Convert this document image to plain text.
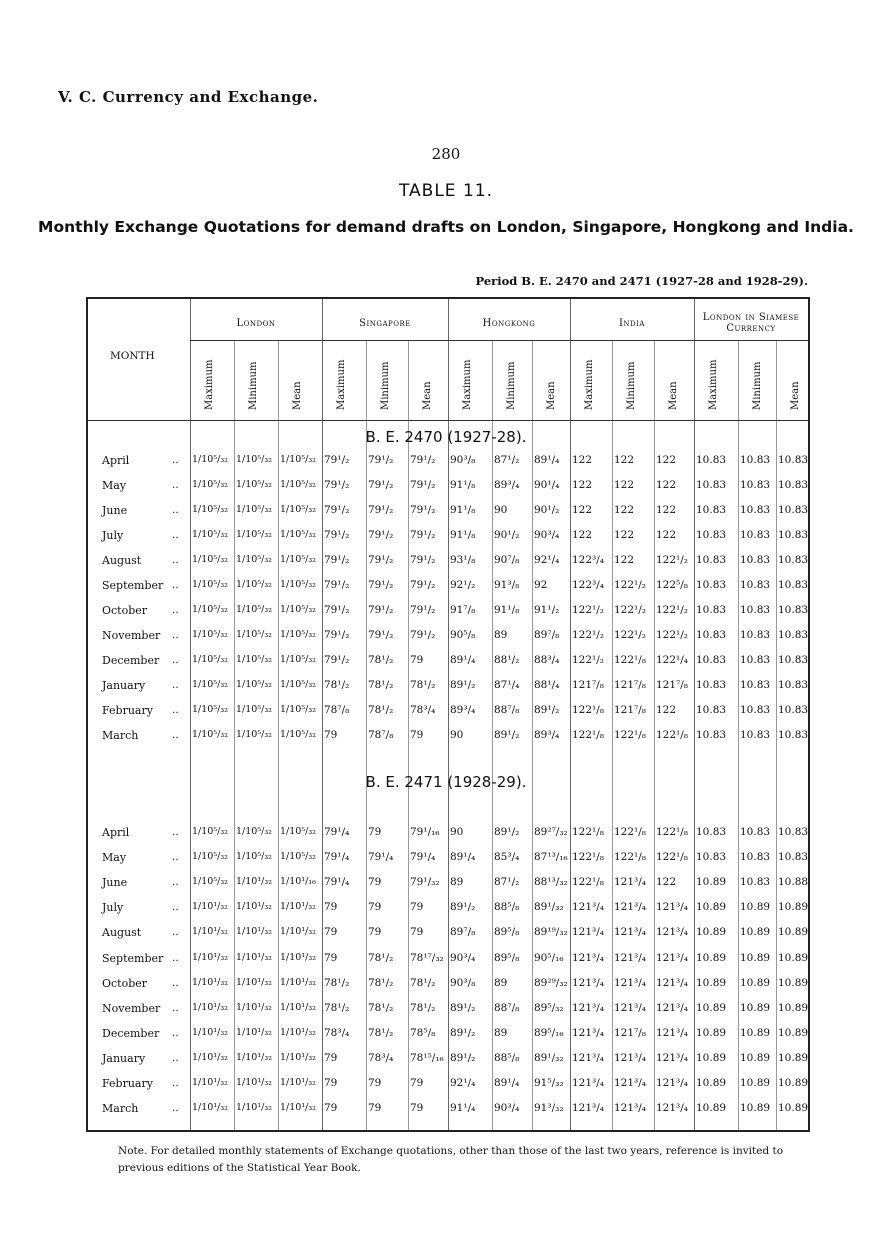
V. C. Currency and Exchange.
280
TABLE 11.
Monthly Exchange Quotations for demand drafts on London, Singapore, Hongkong and India.
Period B. E. 2470 and 2471 (1927-28 and 1928-29).
MONTH
London	Singapore	Hongkong	India
London in Siamese Currency
Maximum	Minimum	Mean	Maximum	Minimum	Mean	Maximum	Minimum	Mean	Maximum	Minimum	Mean	Maximum	Minimum	Mean
B. E. 2470 (1927-28).
April	.. 1/10⁵/₃₂ 1/10⁵/₃₂ 1/10⁵/₃₂ 79¹/₂ 79¹/₂ 79¹/₂ 90³/₈ 87¹/₂ 89¹/₄ 122 122 122 10.83 10.83 10.83
May	.. 1/10⁵/₃₂ 1/10⁵/₃₂ 1/10⁵/₃₂ 79¹/₂ 79¹/₂ 79¹/₂ 91¹/₈ 89³/₄ 90¹/₄ 122 122 122 10.83 10.83 10.83
June	.. 1/10⁵/₃₂ 1/10⁵/₃₂ 1/10⁵/₃₂ 79¹/₂ 79¹/₂ 79¹/₂ 91¹/₈ 90	90¹/₂ 122 122 122 10.83 10.83 10.83
July	.. 1/10⁵/₃₂ 1/10⁵/₃₂ 1/10⁵/₃₂ 79¹/₂ 79¹/₂ 79¹/₂ 91¹/₈ 90¹/₂ 90³/₄ 122 122 122 10.83 10.83 10.83
August	.. 1/10⁵/₃₂ 1/10⁵/₃₂ 1/10⁵/₃₂ 79¹/₂ 79¹/₂ 79¹/₂ 93¹/₈ 90⁷/₈ 92¹/₄ 122³/₄ 122 122¹/₂ 10.83 10.83 10.83
September .. 1/10⁵/₃₂ 1/10⁵/₃₂ 1/10⁵/₃₂ 79¹/₂ 79¹/₂ 79¹/₂ 92¹/₂ 91³/₈ 92 122³/₄ 122¹/₂ 122⁵/₈ 10.83 10.83 10.83
October .. 1/10⁵/₃₂ 1/10⁵/₃₂ 1/10⁵/₃₂ 79¹/₂ 79¹/₂ 79¹/₂ 91⁷/₈ 91¹/₈ 91¹/₂ 122¹/₂ 122¹/₂ 122¹/₂ 10.83 10.83 10.83
November .. 1/10⁵/₃₂ 1/10⁵/₃₂ 1/10⁵/₃₂ 79¹/₂ 79¹/₂ 79¹/₂ 90⁵/₈ 89	89⁷/₈ 122¹/₂ 122¹/₂ 122¹/₂ 10.83 10.83 10.83
December .. 1/10⁵/₃₂ 1/10⁵/₃₂ 1/10⁵/₃₂ 79¹/₂ 78¹/₂ 79	89¹/₄ 88¹/₂ 88³/₄ 122¹/₂ 122¹/₈ 122¹/₄ 10.83 10.83 10.83
January	.. 1/10⁵/₃₂ 1/10⁵/₃₂ 1/10⁵/₃₂ 78¹/₂ 78¹/₂ 78¹/₂ 89¹/₂ 87¹/₄ 88¹/₄ 121⁷/₈ 121⁷/₈ 121⁷/₈ 10.83 10.83 10.83
February .. 1/10⁵/₃₂ 1/10⁵/₃₂ 1/10⁵/₃₂ 78⁷/₈ 78¹/₂ 78³/₄ 89³/₄ 88⁷/₈ 89¹/₂ 122¹/₈ 121⁷/₈ 122 10.83 10.83 10.83
March	.. 1/10⁵/₃₂ 1/10⁵/₃₂ 1/10⁵/₃₂ 79	78⁷/₈ 79	90	89¹/₂ 89³/₄ 122¹/₈ 122¹/₈ 122¹/₈ 10.83 10.83 10.83
B. E. 2471 (1928-29).
April	.. 1/10⁵/₃₂ 1/10⁵/₃₂ 1/10⁵/₃₂ 79¹/₄ 79	79¹/₁₆ 90	89¹/₂ 89²⁷/₃₂ 122¹/₈ 122¹/₈ 122¹/₈ 10.83 10.83 10.83
May	.. 1/10⁵/₃₂ 1/10⁵/₃₂ 1/10⁵/₃₂ 79¹/₄ 79¹/₄ 79¹/₄ 89¹/₄ 85³/₄ 87¹³/₁₆ 122¹/₈ 122¹/₈ 122¹/₈ 10.83 10.83 10.83
June	.. 1/10⁵/₃₂ 1/10¹/₃₂ 1/10¹/₁₆ 79¹/₄ 79	79¹/₃₂ 89	87¹/₂ 88¹³/₃₂ 122¹/₈ 121³/₄ 122 10.89 10.83 10.88
July	.. 1/10¹/₃₂ 1/10¹/₃₂ 1/10¹/₃₂ 79	79	79	89¹/₂ 88⁵/₈ 89¹/₃₂ 121³/₄ 121³/₄ 121³/₄ 10.89 10.89 10.89
August	.. 1/10¹/₃₂ 1/10¹/₃₂ 1/10¹/₃₂ 79	79	79	89⁷/₈ 89⁵/₈ 89¹⁹/₃₂ 121³/₄ 121³/₄ 121³/₄ 10.89 10.89 10.89
September .. 1/10¹/₃₂ 1/10¹/₃₂ 1/10¹/₃₂ 79	78¹/₂ 78¹⁷/₃₂ 90³/₄ 89⁵/₈ 90⁵/₁₆ 121³/₄ 121³/₄ 121³/₄ 10.89 10.89 10.89
October .. 1/10¹/₃₂ 1/10¹/₃₂ 1/10¹/₃₂ 78¹/₂ 78¹/₂ 78¹/₂ 90³/₈ 89	89²⁹/₃₂ 121³/₄ 121³/₄ 121³/₄ 10.89 10.89 10.89
November .. 1/10¹/₃₂ 1/10¹/₃₂ 1/10¹/₃₂ 78¹/₂ 78¹/₂ 78¹/₂ 89¹/₂ 88⁷/₈ 89⁵/₃₂ 121³/₄ 121³/₄ 121³/₄ 10.89 10.89 10.89
December .. 1/10¹/₃₂ 1/10¹/₃₂ 1/10¹/₃₂ 78³/₄ 78¹/₂ 78⁵/₈ 89¹/₂ 89	89⁵/₁₆ 121³/₄ 121⁷/₈ 121³/₄ 10.89 10.89 10.89
January	.. 1/10¹/₃₂ 1/10¹/₃₂ 1/10¹/₃₂ 79	78³/₄ 78¹⁵/₁₆ 89¹/₂ 88⁵/₈ 89¹/₃₂ 121³/₄ 121³/₄ 121³/₄ 10.89 10.89 10.89
February .. 1/10¹/₃₂ 1/10¹/₃₂ 1/10¹/₃₂ 79	79	79	92¹/₄ 89¹/₄ 91⁵/₃₂ 121³/₄ 121³/₄ 121³/₄ 10.89 10.89 10.89
March	.. 1/10¹/₃₂ 1/10¹/₃₂ 1/10¹/₃₂ 79	79	79	91¹/₄ 90³/₄ 91³/₃₂ 121³/₄ 121³/₄ 121³/₄ 10.89 10.89 10.89
Note. For detailed monthly statements of Exchange quotations, other than those of the last two years, reference is invited to previous editions of the Statistical Year Book.
